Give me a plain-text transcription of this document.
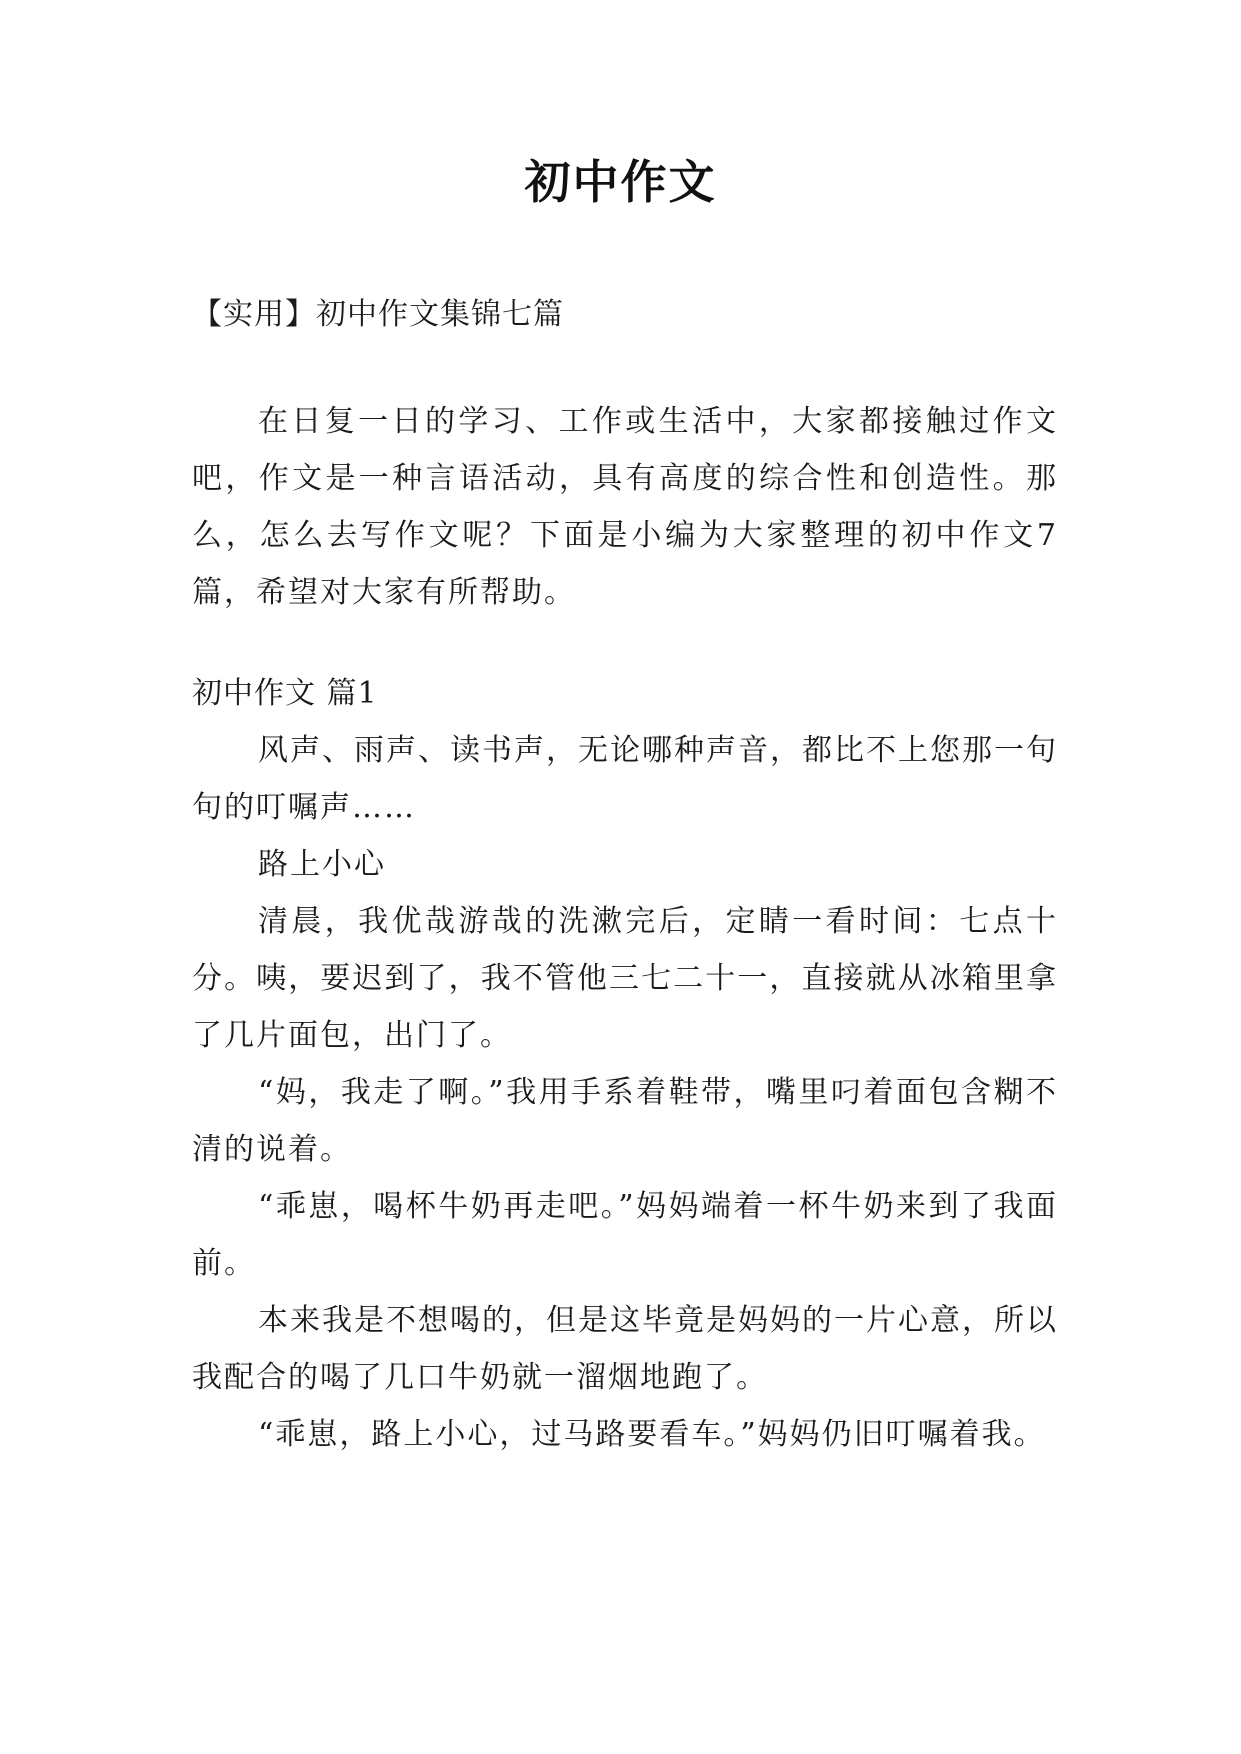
初中作文

【实用】初中作文集锦七篇

在日复一日的学习、工作或生活中，大家都接触过作文吧，作文是一种言语活动，具有高度的综合性和创造性。那么，怎么去写作文呢？下面是小编为大家整理的初中作文7篇，希望对大家有所帮助。

初中作文 篇1

风声、雨声、读书声，无论哪种声音，都比不上您那一句句的叮嘱声……

路上小心

清晨，我优哉游哉的洗漱完后，定睛一看时间：七点十分。咦，要迟到了，我不管他三七二十一，直接就从冰箱里拿了几片面包，出门了。

“妈，我走了啊。”我用手系着鞋带，嘴里叼着面包含糊不清的说着。

“乖崽，喝杯牛奶再走吧。”妈妈端着一杯牛奶来到了我面前。

本来我是不想喝的，但是这毕竟是妈妈的一片心意，所以我配合的喝了几口牛奶就一溜烟地跑了。

“乖崽，路上小心，过马路要看车。”妈妈仍旧叮嘱着我。
